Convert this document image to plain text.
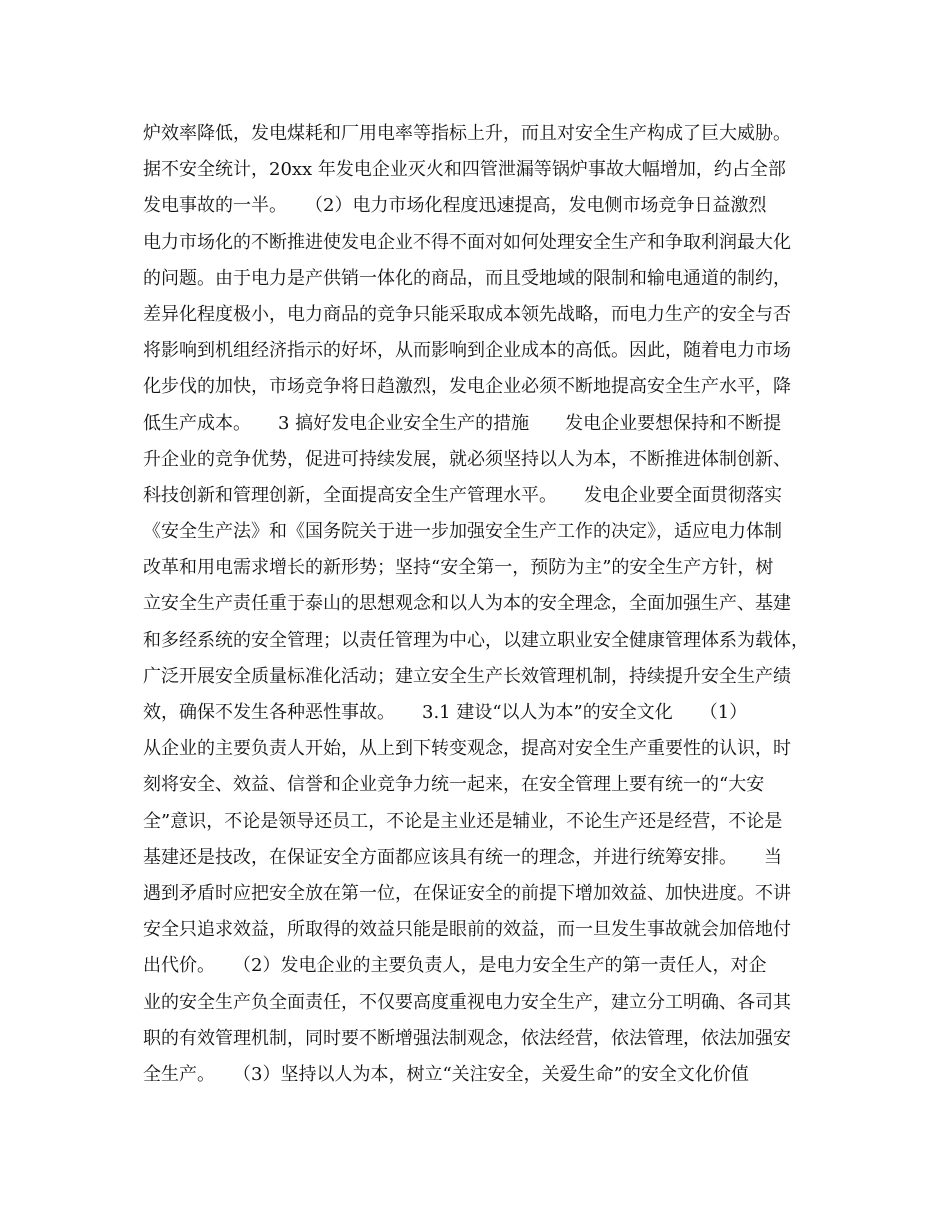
炉效率降低，发电煤耗和厂用电率等指标上升，而且对安全生产构成了巨大威胁。
据不安全统计，20xx 年发电企业灭火和四管泄漏等锅炉事故大幅增加，约占全部
发电事故的一半。　　（2）电力市场化程度迅速提高，发电侧市场竞争日益激烈
电力市场化的不断推进使发电企业不得不面对如何处理安全生产和争取利润最大化
的问题。由于电力是产供销一体化的商品，而且受地域的限制和输电通道的制约，
差异化程度极小，电力商品的竞争只能采取成本领先战略，而电力生产的安全与否
将影响到机组经济指示的好坏，从而影响到企业成本的高低。因此，随着电力市场
化步伐的加快，市场竞争将日趋激烈，发电企业必须不断地提高安全生产水平，降
低生产成本。　　3 搞好发电企业安全生产的措施　　发电企业要想保持和不断提
升企业的竞争优势，促进可持续发展，就必须坚持以人为本，不断推进体制创新、
科技创新和管理创新，全面提高安全生产管理水平。　　发电企业要全面贯彻落实
《安全生产法》和《国务院关于进一步加强安全生产工作的决定》，适应电力体制
改革和用电需求增长的新形势；坚持“安全第一，预防为主”的安全生产方针，树
立安全生产责任重于泰山的思想观念和以人为本的安全理念，全面加强生产、基建
和多经系统的安全管理；以责任管理为中心，以建立职业安全健康管理体系为载体，
广泛开展安全质量标准化活动；建立安全生产长效管理机制，持续提升安全生产绩
效，确保不发生各种恶性事故。　　3.1 建设“以人为本”的安全文化　　（1）
从企业的主要负责人开始，从上到下转变观念，提高对安全生产重要性的认识，时
刻将安全、效益、信誉和企业竞争力统一起来，在安全管理上要有统一的“大安
全”意识，不论是领导还员工，不论是主业还是辅业，不论生产还是经营，不论是
基建还是技改，在保证安全方面都应该具有统一的理念，并进行统筹安排。　　当
遇到矛盾时应把安全放在第一位，在保证安全的前提下增加效益、加快进度。不讲
安全只追求效益，所取得的效益只能是眼前的效益，而一旦发生事故就会加倍地付
出代价。　　（2）发电企业的主要负责人，是电力安全生产的第一责任人，对企
业的安全生产负全面责任，不仅要高度重视电力安全生产，建立分工明确、各司其
职的有效管理机制，同时要不断增强法制观念，依法经营，依法管理，依法加强安
全生产。　　（3）坚持以人为本，树立“关注安全，关爱生命”的安全文化价值
